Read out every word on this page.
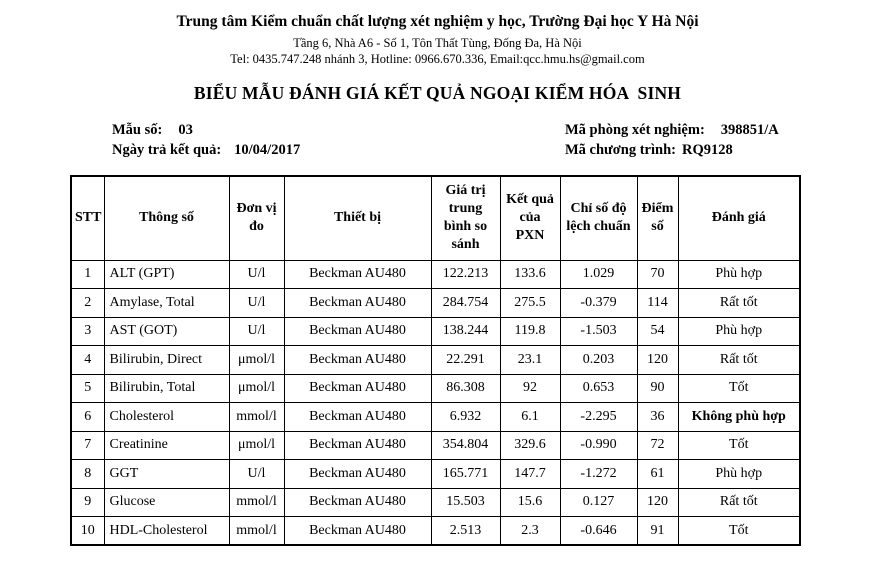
Trung tâm Kiểm chuẩn chất lượng xét nghiệm y học, Trường Đại học Y Hà Nội
Tầng 6, Nhà A6 - Số 1, Tôn Thất Tùng, Đống Đa, Hà Nội
Tel: 0435.747.248 nhánh 3, Hotline: 0966.670.336, Email:qcc.hmu.hs@gmail.com
BIỂU MẪU ĐÁNH GIÁ KẾT QUẢ NGOẠI KIỂM HÓA  SINH
Mẫu số: 03
Ngày trả kết quả: 10/04/2017
Mã phòng xét nghiệm: 398851/A
Mã chương trình: RQ9128
STT	Thông số	Đơn vị đo	Thiết bị	Giá trị trung bình so sánh	Kết quả của PXN	Chỉ số độ lệch chuẩn	Điểm số	Đánh giá
1	ALT (GPT)	U/l	Beckman AU480	122.213	133.6	1.029	70	Phù hợp
2	Amylase, Total	U/l	Beckman AU480	284.754	275.5	-0.379	114	Rất tốt
3	AST (GOT)	U/l	Beckman AU480	138.244	119.8	-1.503	54	Phù hợp
4	Bilirubin, Direct	μmol/l	Beckman AU480	22.291	23.1	0.203	120	Rất tốt
5	Bilirubin, Total	μmol/l	Beckman AU480	86.308	92	0.653	90	Tốt
6	Cholesterol	mmol/l	Beckman AU480	6.932	6.1	-2.295	36	Không phù hợp
7	Creatinine	μmol/l	Beckman AU480	354.804	329.6	-0.990	72	Tốt
8	GGT	U/l	Beckman AU480	165.771	147.7	-1.272	61	Phù hợp
9	Glucose	mmol/l	Beckman AU480	15.503	15.6	0.127	120	Rất tốt
10	HDL-Cholesterol	mmol/l	Beckman AU480	2.513	2.3	-0.646	91	Tốt
